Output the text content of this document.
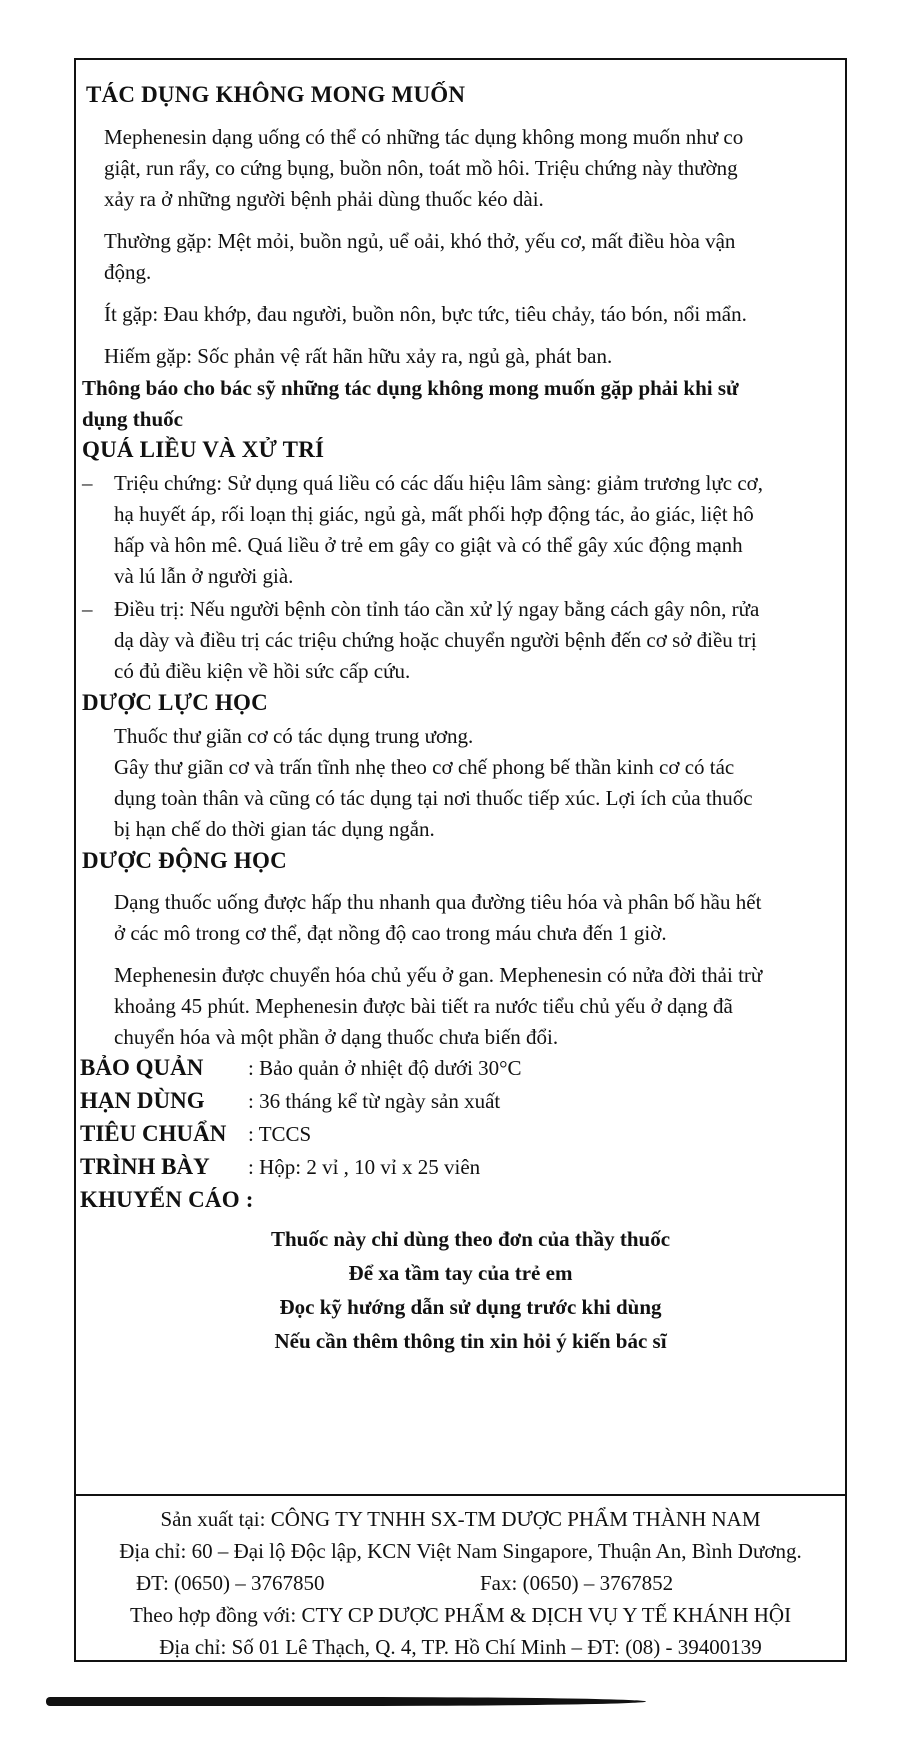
TÁC DỤNG KHÔNG MONG MUỐN
Mephenesin dạng uống có thể có những tác dụng không mong muốn như co
giật, run rẩy, co cứng bụng, buồn nôn, toát mồ hôi. Triệu chứng này thường
xảy ra ở những người bệnh phải dùng thuốc kéo dài.
Thường gặp: Mệt mỏi, buồn ngủ, uể oải, khó thở, yếu cơ, mất điều hòa vận
động.
Ít gặp: Đau khớp, đau người, buồn nôn, bực tức, tiêu chảy, táo bón, nổi mẩn.
Hiếm gặp: Sốc phản vệ rất hãn hữu xảy ra, ngủ gà, phát ban.
Thông báo cho bác sỹ những tác dụng không mong muốn gặp phải khi sử
dụng thuốc
QUÁ LIỀU VÀ XỬ TRÍ
– Triệu chứng: Sử dụng quá liều có các dấu hiệu lâm sàng: giảm trương lực cơ,
hạ huyết áp, rối loạn thị giác, ngủ gà, mất phối hợp động tác, ảo giác, liệt hô
hấp và hôn mê. Quá liều ở trẻ em gây co giật và có thể gây xúc động mạnh
và lú lẫn ở người già.
– Điều trị: Nếu người bệnh còn tỉnh táo cần xử lý ngay bằng cách gây nôn, rửa
dạ dày và điều trị các triệu chứng hoặc chuyển người bệnh đến cơ sở điều trị
có đủ điều kiện về hồi sức cấp cứu.
DƯỢC LỰC HỌC
Thuốc thư giãn cơ có tác dụng trung ương.
Gây thư giãn cơ và trấn tĩnh nhẹ theo cơ chế phong bế thần kinh cơ có tác
dụng toàn thân và cũng có tác dụng tại nơi thuốc tiếp xúc. Lợi ích của thuốc
bị hạn chế do thời gian tác dụng ngắn.
DƯỢC ĐỘNG HỌC
Dạng thuốc uống được hấp thu nhanh qua đường tiêu hóa và phân bố hầu hết
ở các mô trong cơ thể, đạt nồng độ cao trong máu chưa đến 1 giờ.
Mephenesin được chuyển hóa chủ yếu ở gan. Mephenesin có nửa đời thải trừ
khoảng 45 phút. Mephenesin được bài tiết ra nước tiểu chủ yếu ở dạng đã
chuyển hóa và một phần ở dạng thuốc chưa biến đổi.
BẢO QUẢN : Bảo quản ở nhiệt độ dưới 30°C
HẠN DÙNG : 36 tháng kể từ ngày sản xuất
TIÊU CHUẨN : TCCS
TRÌNH BÀY : Hộp: 2 vỉ , 10 vỉ x 25 viên
KHUYẾN CÁO :
Thuốc này chỉ dùng theo đơn của thầy thuốc
Để xa tầm tay của trẻ em
Đọc kỹ hướng dẫn sử dụng trước khi dùng
Nếu cần thêm thông tin xin hỏi ý kiến bác sĩ
Sản xuất tại: CÔNG TY TNHH SX-TM DƯỢC PHẨM THÀNH NAM
Địa chỉ: 60 – Đại lộ Độc lập, KCN Việt Nam Singapore, Thuận An, Bình Dương.
ĐT: (0650) – 3767850	Fax: (0650) – 3767852
Theo hợp đồng với: CTY CP DƯỢC PHẨM & DỊCH VỤ Y TẾ KHÁNH HỘI
Địa chỉ: Số 01 Lê Thạch, Q. 4, TP. Hồ Chí Minh – ĐT: (08) - 39400139
